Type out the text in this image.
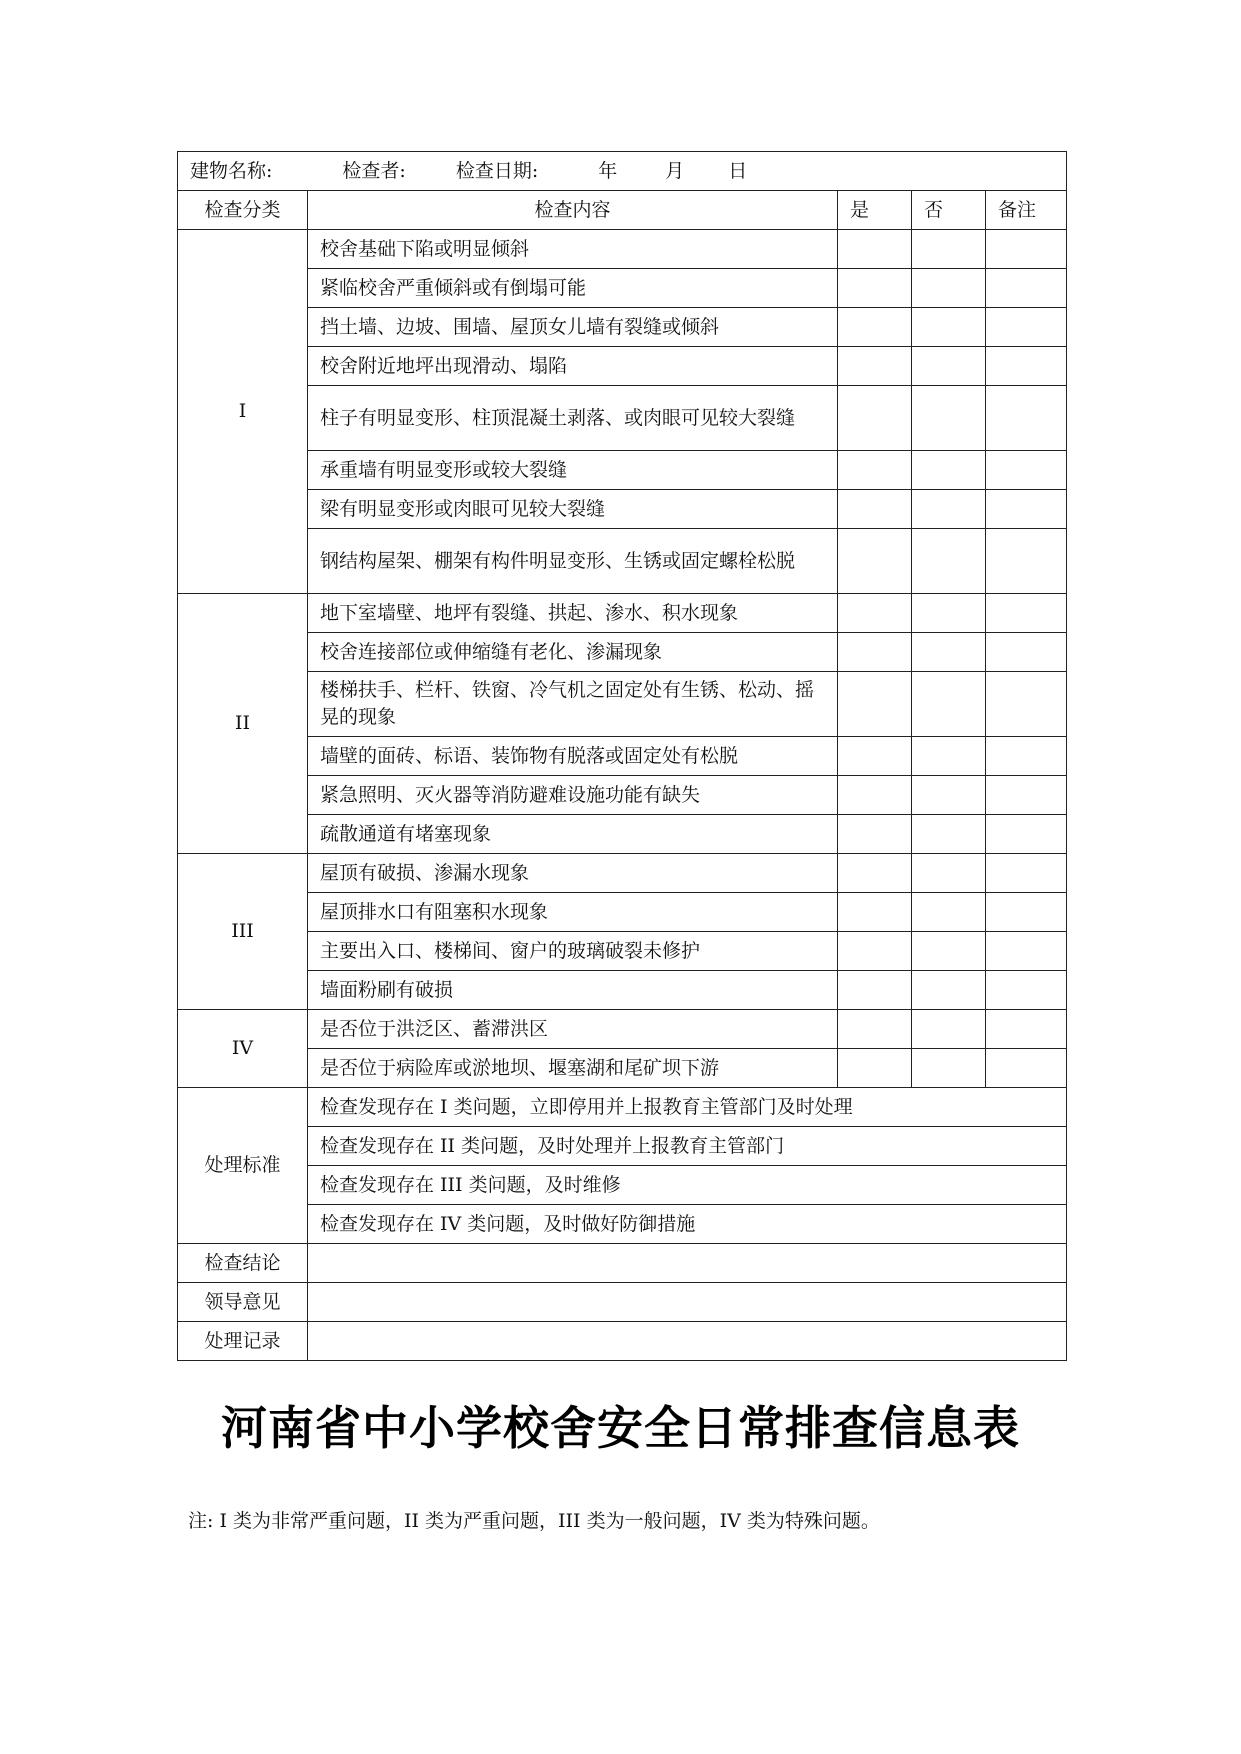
建物名称: 检查者: 检查日期: 年 月 日				
检查分类	检查内容	是	否	备注
I	校舍基础下陷或明显倾斜			
	紧临校舍严重倾斜或有倒塌可能			
	挡土墙、边坡、围墙、屋顶女儿墙有裂缝或倾斜			
	校舍附近地坪出现滑动、塌陷			
	柱子有明显变形、柱顶混凝土剥落、或肉眼可见较大裂缝			
	承重墙有明显变形或较大裂缝			
	梁有明显变形或肉眼可见较大裂缝			
	钢结构屋架、棚架有构件明显变形、生锈或固定螺栓松脱			
II	地下室墙壁、地坪有裂缝、拱起、渗水、积水现象			
	校舍连接部位或伸缩缝有老化、渗漏现象			
	楼梯扶手、栏杆、铁窗、冷气机之固定处有生锈、松动、摇晃的现象			
	墙壁的面砖、标语、装饰物有脱落或固定处有松脱			
	紧急照明、灭火器等消防避难设施功能有缺失			
	疏散通道有堵塞现象			
III	屋顶有破损、渗漏水现象			
	屋顶排水口有阻塞积水现象			
	主要出入口、楼梯间、窗户的玻璃破裂未修护			
	墙面粉刷有破损			
IV	是否位于洪泛区、蓄滞洪区			
	是否位于病险库或淤地坝、堰塞湖和尾矿坝下游			
处理标准	检查发现存在 I 类问题，立即停用并上报教育主管部门及时处理			
	检查发现存在 II 类问题，及时处理并上报教育主管部门			
	检查发现存在 III 类问题，及时维修			
	检查发现存在 IV 类问题，及时做好防御措施			
检查结论				
领导意见				
处理记录				
河南省中小学校舍安全日常排查信息表
注: I 类为非常严重问题，II 类为严重问题，III 类为一般问题，IV 类为特殊问题。
